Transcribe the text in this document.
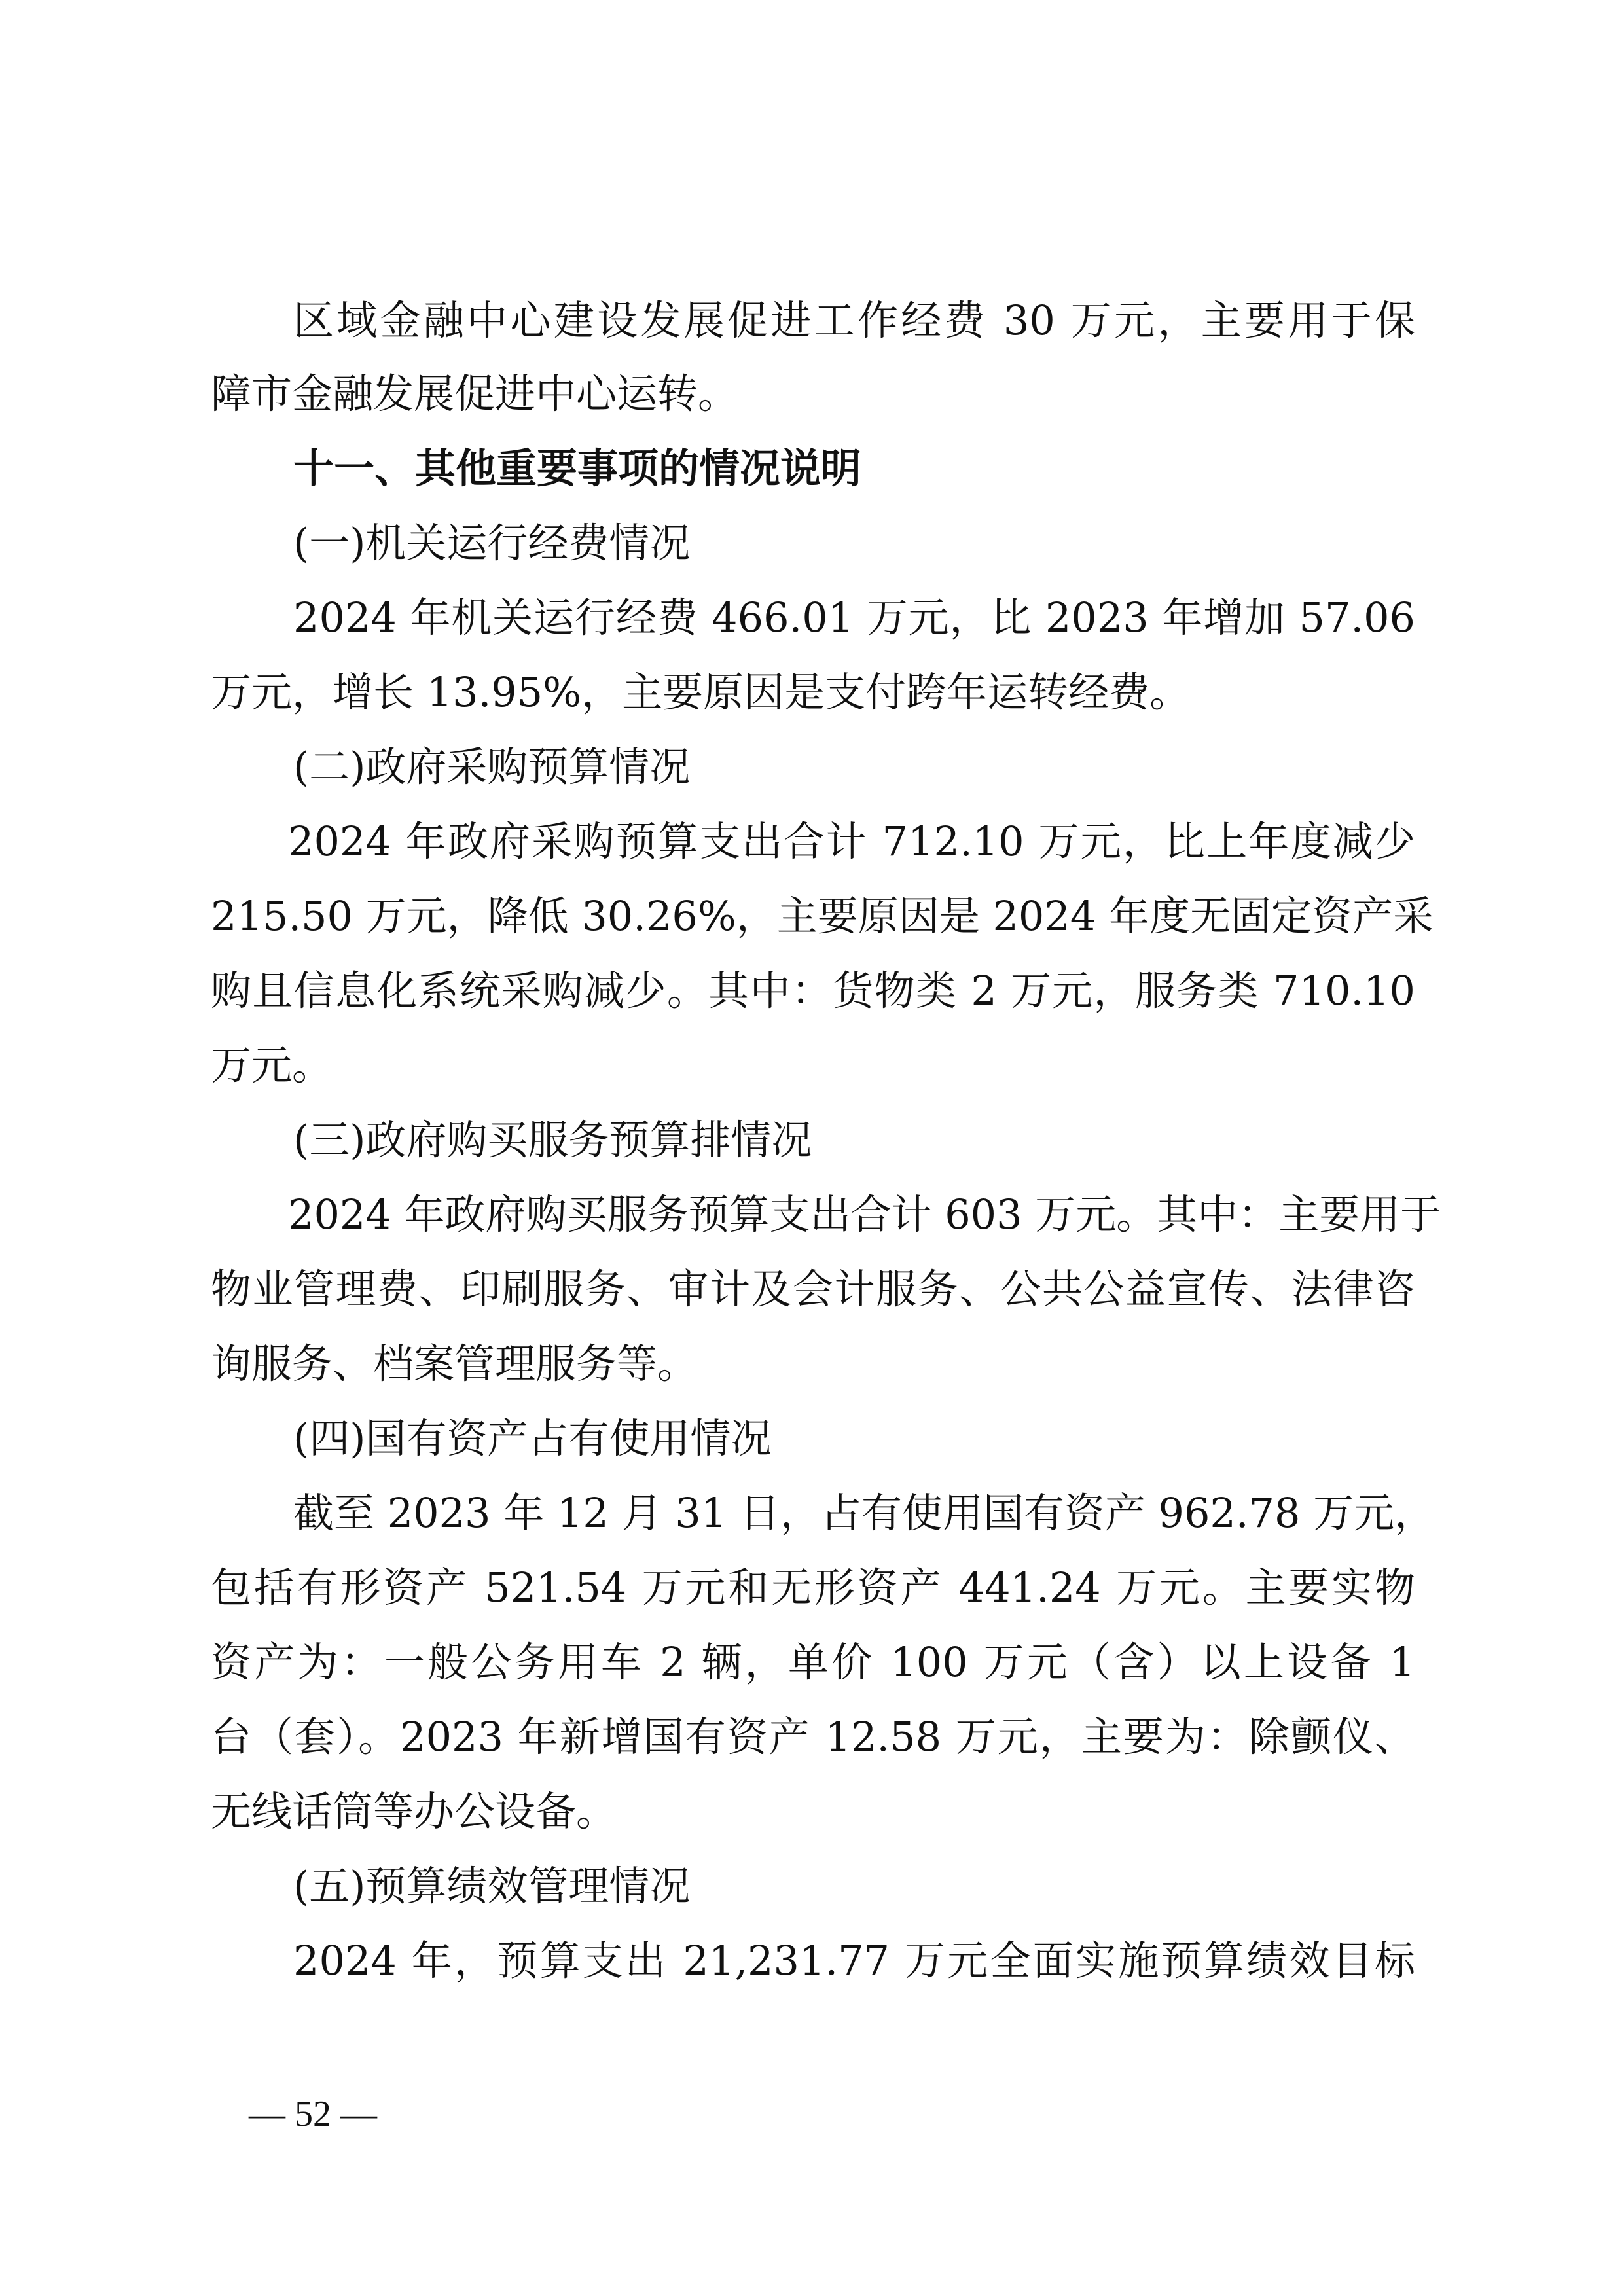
区域金融中心建设发展促进工作经费 30 万元，主要用于保
障市金融发展促进中心运转。
十一、其他重要事项的情况说明
(一)机关运行经费情况
2024 年机关运行经费 466.01 万元，比 2023 年增加 57.06
万元，增长 13.95%，主要原因是支付跨年运转经费。
(二)政府采购预算情况
2024 年政府采购预算支出合计 712.10 万元，比上年度减少
215.50 万元，降低 30.26%，主要原因是 2024 年度无固定资产采
购且信息化系统采购减少。其中：货物类 2 万元，服务类 710.10
万元。
(三)政府购买服务预算排情况
2024 年政府购买服务预算支出合计 603 万元。其中：主要用于
物业管理费、印刷服务、审计及会计服务、公共公益宣传、法律咨
询服务、档案管理服务等。
(四)国有资产占有使用情况
截至 2023 年 12 月 31 日，占有使用国有资产 962.78 万元，
包括有形资产 521.54 万元和无形资产 441.24 万元。主要实物
资产为：一般公务用车 2 辆，单价 100 万元（含）以上设备 1
台（套）。2023 年新增国有资产 12.58 万元，主要为：除颤仪、
无线话筒等办公设备。
(五)预算绩效管理情况
2024 年，预算支出 21,231.77 万元全面实施预算绩效目标
— 52 —
